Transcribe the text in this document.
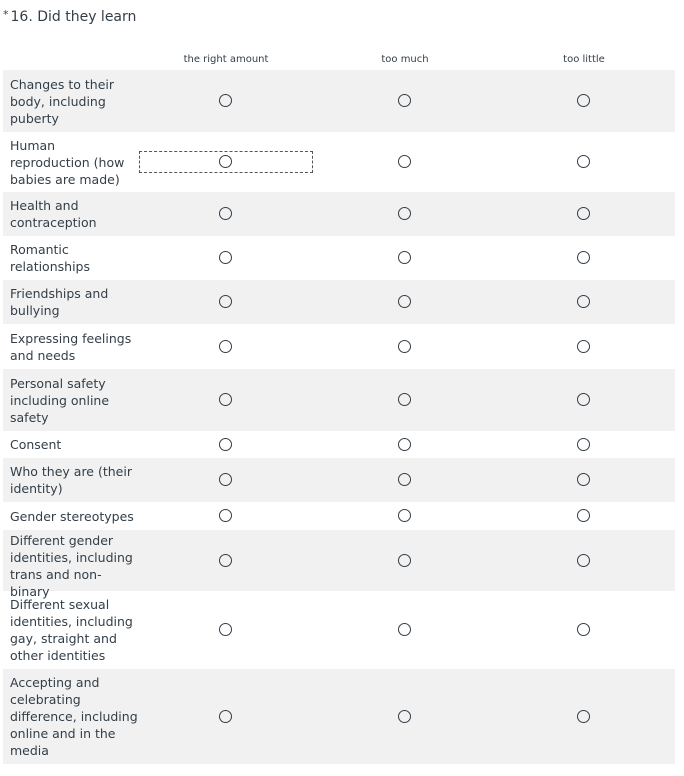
* 16. Did they learn
the right amount	too much	too little
Changes to their body, including puberty
Human reproduction (how babies are made)
Health and contraception
Romantic relationships
Friendships and bullying
Expressing feelings and needs
Personal safety including online safety
Consent
Who they are (their identity)
Gender stereotypes
Different gender identities, including trans and non-binary
Different sexual identities, including gay, straight and other identities
Accepting and celebrating difference, including online and in the media
